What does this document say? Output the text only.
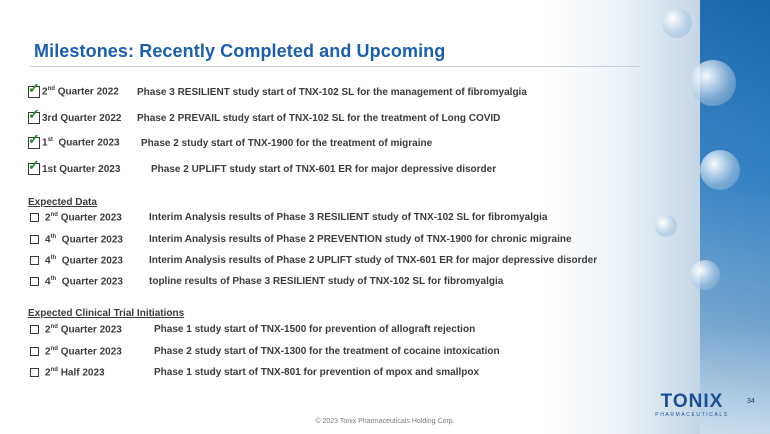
Milestones: Recently Completed and Upcoming
✓ 2nd Quarter 2022	Phase 3 RESILIENT study start of TNX-102 SL for the management of fibromyalgia
✓ 3rd Quarter 2022	Phase 2 PREVAIL study start of TNX-102 SL for the treatment of Long COVID
✓ 1st Quarter 2023	Phase 2 study start of TNX-1900 for the treatment of migraine
✓ 1st Quarter 2023	Phase 2 UPLIFT study start of TNX-601 ER for major depressive disorder
Expected Data
2nd Quarter 2023	Interim Analysis results of Phase 3 RESILIENT study of TNX-102 SL for fibromyalgia
4th Quarter 2023	Interim Analysis results of Phase 2 PREVENTION study of TNX-1900 for chronic migraine
4th Quarter 2023	Interim Analysis results of Phase 2 UPLIFT study of TNX-601 ER for major depressive disorder
4th Quarter 2023	topline results of Phase 3 RESILIENT study of TNX-102 SL for fibromyalgia
Expected Clinical Trial Initiations
2nd Quarter 2023	Phase 1 study start of TNX-1500 for prevention of allograft rejection
2nd Quarter 2023	Phase 2 study start of TNX-1300 for the treatment of cocaine intoxication
2nd Half 2023	Phase 1 study start of TNX-801 for prevention of mpox and smallpox
TONIX
PHARMACEUTICALS
34
© 2023 Tonix Pharmaceuticals Holding Corp.
